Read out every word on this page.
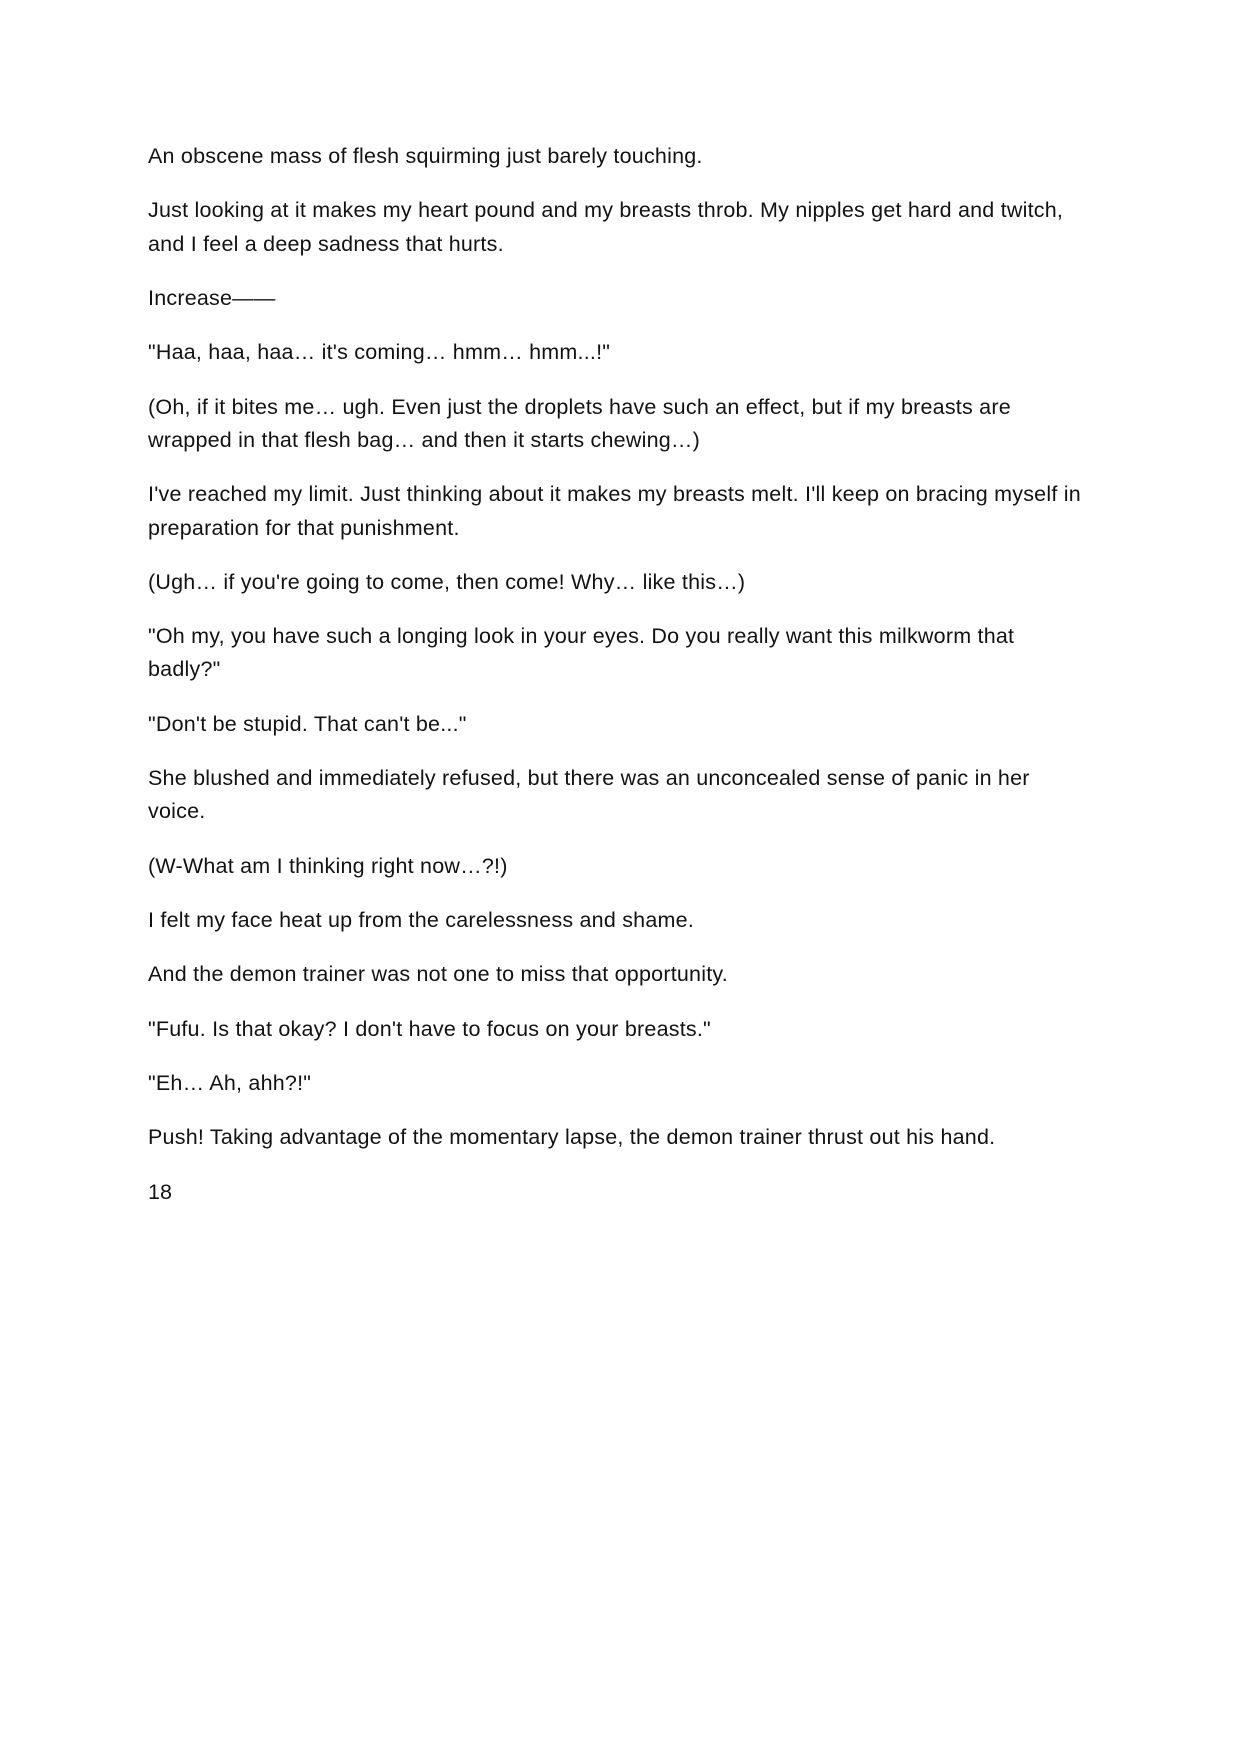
An obscene mass of flesh squirming just barely touching.

Just looking at it makes my heart pound and my breasts throb. My nipples get hard and twitch, and I feel a deep sadness that hurts.

Increase——

"Haa, haa, haa… it's coming… hmm… hmm...!"

(Oh, if it bites me… ugh. Even just the droplets have such an effect, but if my breasts are wrapped in that flesh bag… and then it starts chewing…)

I've reached my limit. Just thinking about it makes my breasts melt. I'll keep on bracing myself in preparation for that punishment.

(Ugh… if you're going to come, then come! Why… like this…)

"Oh my, you have such a longing look in your eyes. Do you really want this milkworm that badly?"

"Don't be stupid. That can't be..."

She blushed and immediately refused, but there was an unconcealed sense of panic in her voice.

(W-What am I thinking right now…?!)

I felt my face heat up from the carelessness and shame.

And the demon trainer was not one to miss that opportunity.

"Fufu. Is that okay? I don't have to focus on your breasts."

"Eh… Ah, ahh?!"

Push! Taking advantage of the momentary lapse, the demon trainer thrust out his hand.

18
